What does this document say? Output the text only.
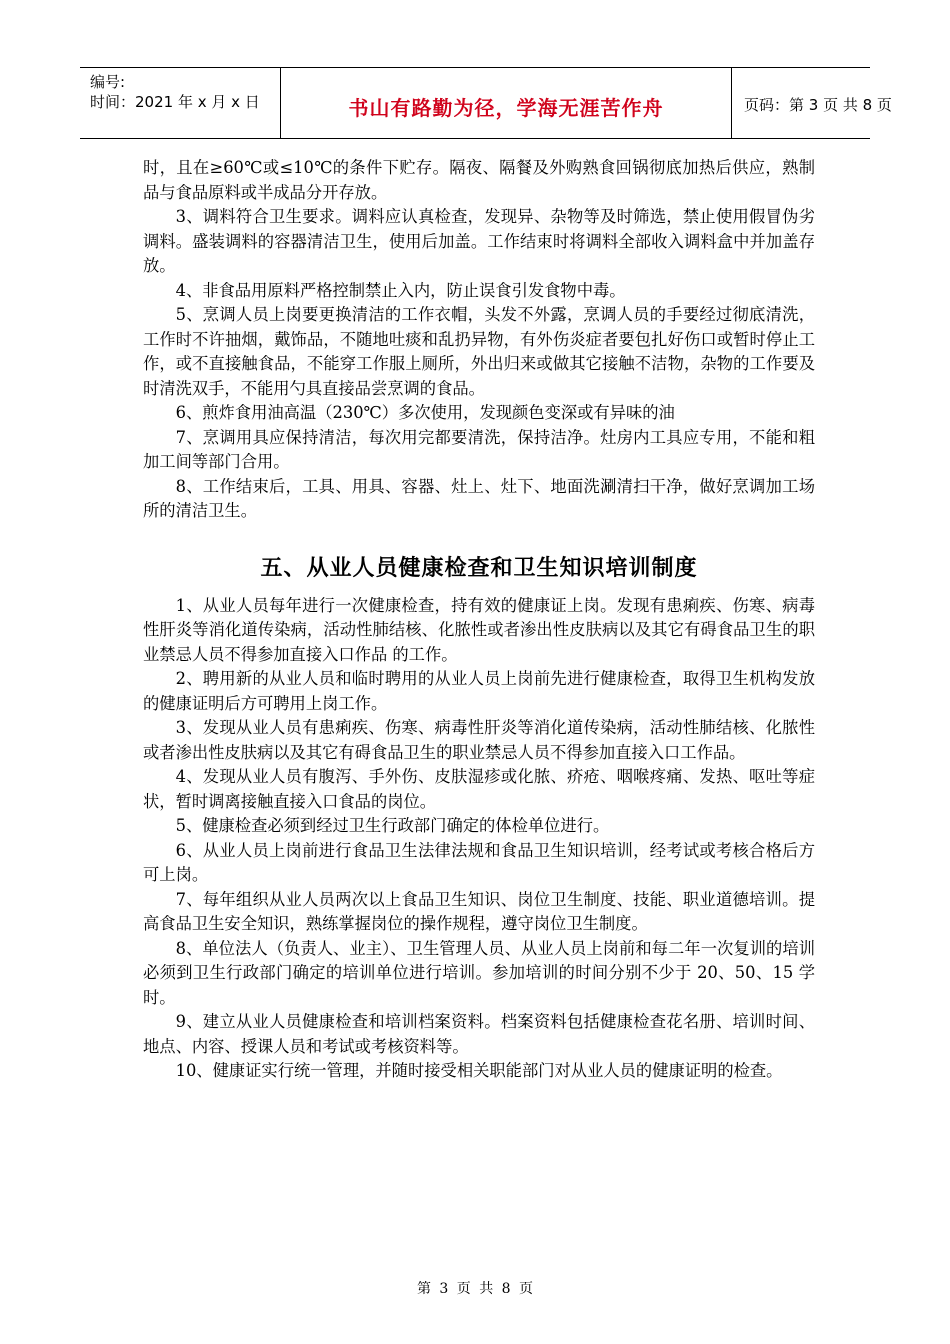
编号:
时间：2021 年 x 月 x 日	书山有路勤为径，学海无涯苦作舟	页码：第 3 页 共 8 页

时，且在≥60℃或≤10℃的条件下贮存。隔夜、隔餐及外购熟食回锅彻底加热后供应，熟制品与食品原料或半成品分开存放。

3、调料符合卫生要求。调料应认真检查，发现异、杂物等及时筛选，禁止使用假冒伪劣调料。盛装调料的容器清洁卫生，使用后加盖。工作结束时将调料全部收入调料盒中并加盖存放。

4、非食品用原料严格控制禁止入内，防止误食引发食物中毒。

5、烹调人员上岗要更换清洁的工作衣帽，头发不外露，烹调人员的手要经过彻底清洗，工作时不许抽烟，戴饰品，不随地吐痰和乱扔异物，有外伤炎症者要包扎好伤口或暂时停止工作，或不直接触食品，不能穿工作服上厕所，外出归来或做其它接触不洁物，杂物的工作要及时清洗双手，不能用勺具直接品尝烹调的食品。

6、煎炸食用油高温（230℃）多次使用，发现颜色变深或有异味的油

7、烹调用具应保持清洁，每次用完都要清洗，保持洁净。灶房内工具应专用，不能和粗加工间等部门合用。

8、工作结束后，工具、用具、容器、灶上、灶下、地面洗涮清扫干净，做好烹调加工场所的清洁卫生。

五、从业人员健康检查和卫生知识培训制度

1、从业人员每年进行一次健康检查，持有效的健康证上岗。发现有患痢疾、伤寒、病毒性肝炎等消化道传染病，活动性肺结核、化脓性或者渗出性皮肤病以及其它有碍食品卫生的职业禁忌人员不得参加直接入口作品 的工作。

2、聘用新的从业人员和临时聘用的从业人员上岗前先进行健康检查，取得卫生机构发放的健康证明后方可聘用上岗工作。

3、发现从业人员有患痢疾、伤寒、病毒性肝炎等消化道传染病，活动性肺结核、化脓性或者渗出性皮肤病以及其它有碍食品卫生的职业禁忌人员不得参加直接入口工作品。

4、发现从业人员有腹泻、手外伤、皮肤湿疹或化脓、疥疮、咽喉疼痛、发热、呕吐等症状，暂时调离接触直接入口食品的岗位。

5、健康检查必须到经过卫生行政部门确定的体检单位进行。

6、从业人员上岗前进行食品卫生法律法规和食品卫生知识培训，经考试或考核合格后方可上岗。

7、每年组织从业人员两次以上食品卫生知识、岗位卫生制度、技能、职业道德培训。提高食品卫生安全知识，熟练掌握岗位的操作规程，遵守岗位卫生制度。

8、单位法人（负责人、业主）、卫生管理人员、从业人员上岗前和每二年一次复训的培训必须到卫生行政部门确定的培训单位进行培训。参加培训的时间分别不少于 20、50、15 学时。

9、建立从业人员健康检查和培训档案资料。档案资料包括健康检查花名册、培训时间、地点、内容、授课人员和考试或考核资料等。

10、健康证实行统一管理，并随时接受相关职能部门对从业人员的健康证明的检查。

第 3 页 共 8 页
